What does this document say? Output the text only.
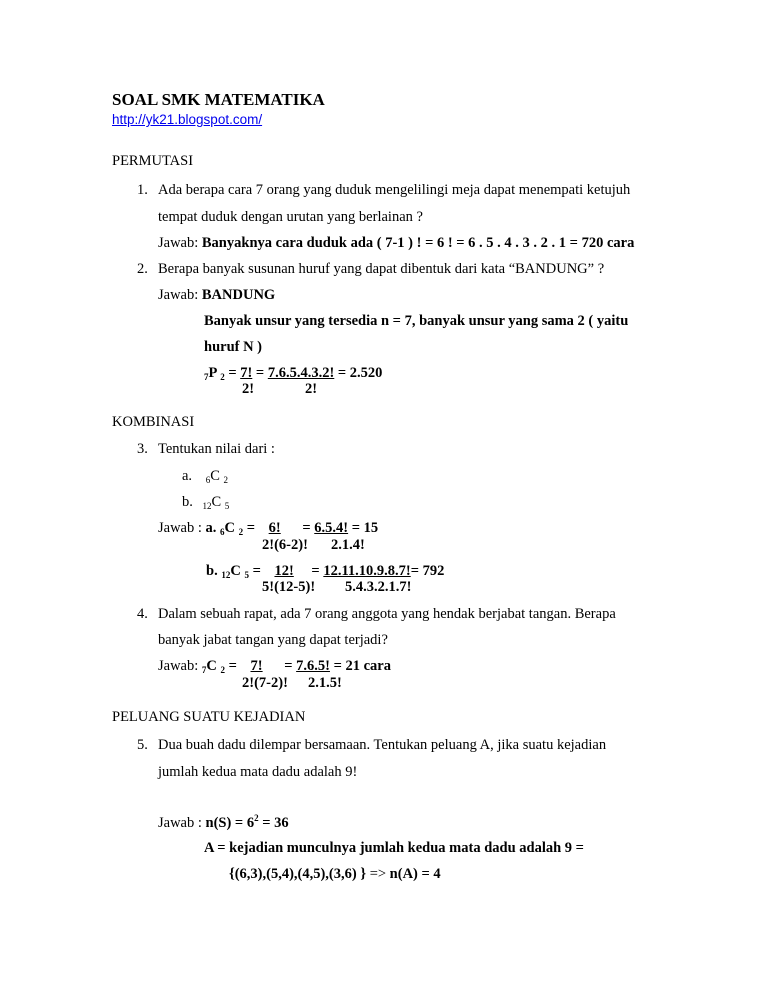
SOAL SMK MATEMATIKA
http://yk21.blogspot.com/
PERMUTASI
1. Ada berapa cara 7 orang yang duduk mengelilingi meja dapat menempati ketujuh
tempat duduk dengan urutan yang berlainan ?
Jawab: Banyaknya cara duduk ada ( 7-1 ) ! = 6 ! = 6 . 5 . 4 . 3 . 2 . 1 = 720 cara
2. Berapa banyak susunan huruf yang dapat dibentuk dari kata “BANDUNG” ?
Jawab: BANDUNG
Banyak unsur yang tersedia n = 7, banyak unsur yang sama 2 ( yaitu
huruf N )
$_7$P $_2$ = 7! = 7.6.5.4.3.2! = 2.520
2!	2!
KOMBINASI
3. Tentukan nilai dari :
a. $_6$C $_2$
b. $_{12}$C $_5$
Jawab : a. $_6$C $_2$ = 6! = 6.5.4! = 15
2!(6-2)! 2.1.4!
b. $_{12}$C $_5$ = 12! = 12.11.10.9.8.7!= 792
5!(12-5)! 5.4.3.2.1.7!
4. Dalam sebuah rapat, ada 7 orang anggota yang hendak berjabat tangan. Berapa
banyak jabat tangan yang dapat terjadi?
Jawab: $_7$C $_2$ = 7! = 7.6.5! = 21 cara
2!(7-2)! 2.1.5!
PELUANG SUATU KEJADIAN
5. Dua buah dadu dilempar bersamaan. Tentukan peluang A, jika suatu kejadian
jumlah kedua mata dadu adalah 9!
Jawab : $n(S) = 6^2 = 36$
A = kejadian munculnya jumlah kedua mata dadu adalah 9 =
{(6,3),(5,4),(4,5),(3,6) } => n(A) = 4
